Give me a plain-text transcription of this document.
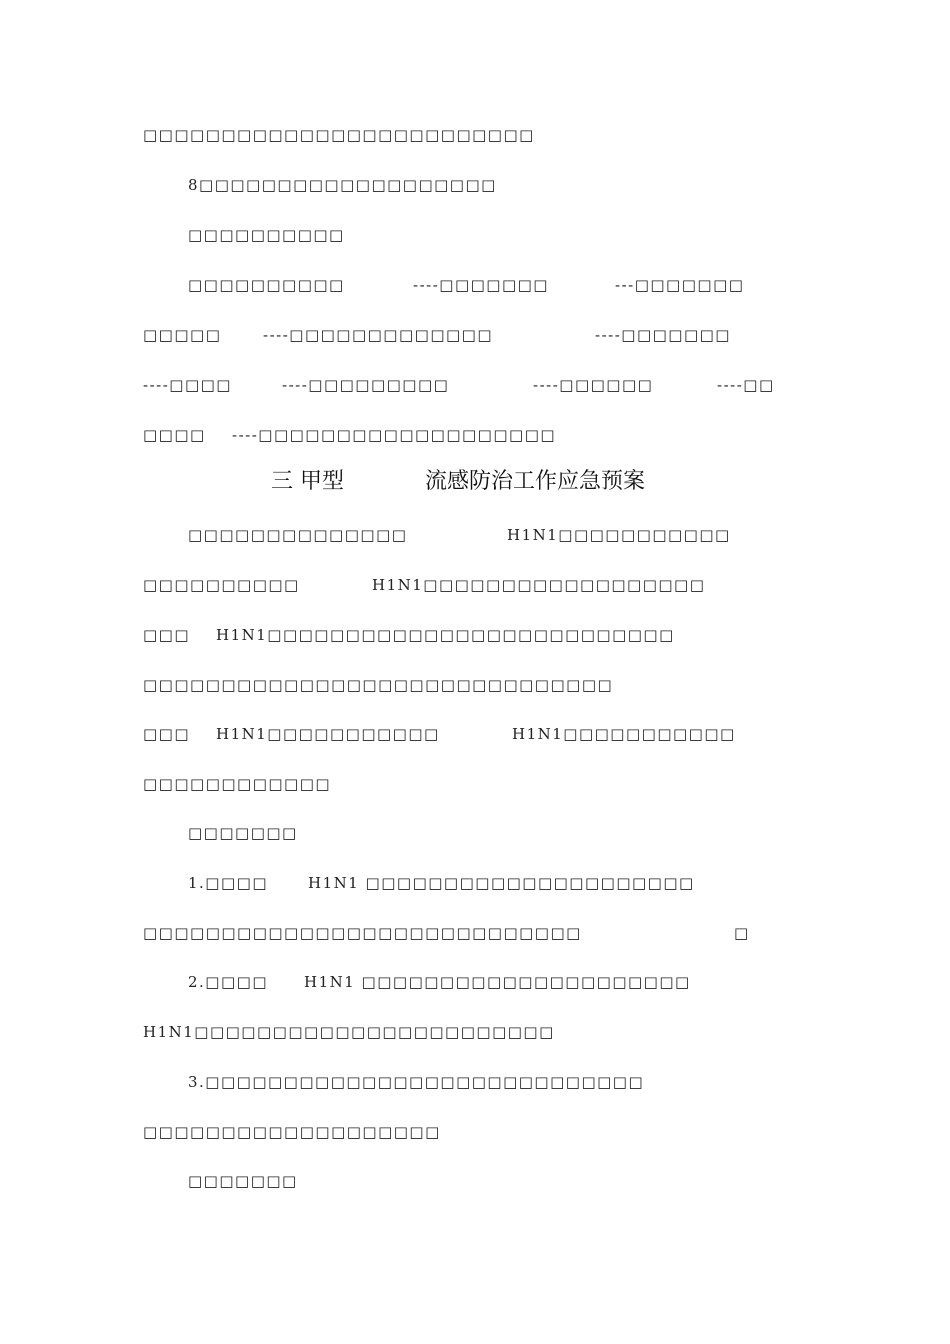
□□□□□□□□□□□□□□□□□□□□□□□□□

8□□□□□□□□□□□□□□□□□□□

□□□□□□□□□□

□□□□□□□□□□

	----□□□□□□□

	---□□□□□□□

□□□□□

	----□□□□□□□□□□□□□

	----□□□□□□□

----□□□□

	----□□□□□□□□□

	----□□□□□□

	----□□

□□□□

----□□□□□□□□□□□□□□□□□□□

三 甲型	流感防治工作应急预案

□□□□□□□□□□□□□□

	H1N1□□□□□□□□□□□

□□□□□□□□□□

	H1N1□□□□□□□□□□□□□□□□□□

□□□

H1N1□□□□□□□□□□□□□□□□□□□□□□□□□□

□□□□□□□□□□□□□□□□□□□□□□□□□□□□□□

□□□

H1N1□□□□□□□□□□□

	H1N1□□□□□□□□□□□

□□□□□□□□□□□□

□□□□□□□

1.□□□□

	H1N1 □□□□□□□□□□□□□□□□□□□□□

□□□□□□□□□□□□□□□□□□□□□□□□□□□□

	□

2.□□□□

H1N1 □□□□□□□□□□□□□□□□□□□□□

H1N1□□□□□□□□□□□□□□□□□□□□□□□

3.□□□□□□□□□□□□□□□□□□□□□□□□□□□□

□□□□□□□□□□□□□□□□□□□

□□□□□□□
